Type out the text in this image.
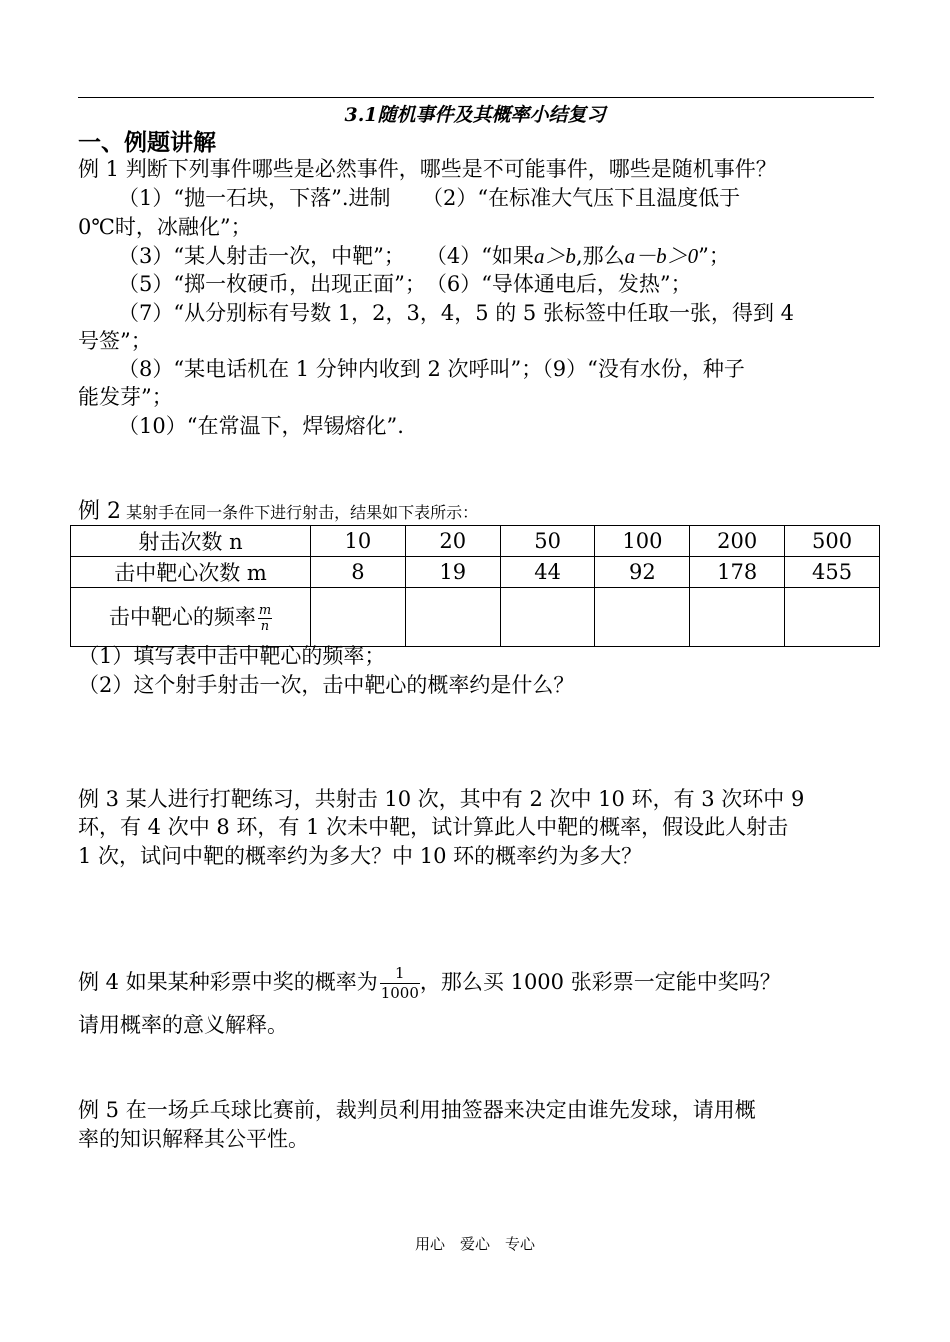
3.1随机事件及其概率小结复习
一、例题讲解
例 1 判断下列事件哪些是必然事件，哪些是不可能事件，哪些是随机事件？
（1）“抛一石块，下落”.进制　　（2）“在标准大气压下且温度低于
0℃时，冰融化”；
（3）“某人射击一次，中靶”；　　（4）“如果a＞b,那么a－b＞0”；
（5）“掷一枚硬币，出现正面”；　（6）“导体通电后，发热”；
（7）“从分别标有号数 1，2，3，4，5 的 5 张标签中任取一张，得到 4
号签”；
（8）“某电话机在 1 分钟内收到 2 次呼叫”；（9）“没有水份，种子
能发芽”；
（10）“在常温下，焊锡熔化”.
例 2 某射手在同一条件下进行射击，结果如下表所示：
射击次数 n	10	20	50	100	200	500
击中靶心次数 m	8	19	44	92	178	455
击中靶心的频率 $\frac{m}{n}$

（1）填写表中击中靶心的频率；
（2）这个射手射击一次，击中靶心的概率约是什么？
例 3 某人进行打靶练习，共射击 10 次，其中有 2 次中 10 环，有 3 次环中 9
环，有 4 次中 8 环，有 1 次未中靶，试计算此人中靶的概率，假设此人射击
1 次，试问中靶的概率约为多大？中 10 环的概率约为多大？
例 4 如果某种彩票中奖的概率为 $\frac{1}{1000}$ ，那么买 1000 张彩票一定能中奖吗？
请用概率的意义解释。
例 5 在一场乒乓球比赛前，裁判员利用抽签器来决定由谁先发球，请用概
率的知识解释其公平性。
用心　爱心　专心
